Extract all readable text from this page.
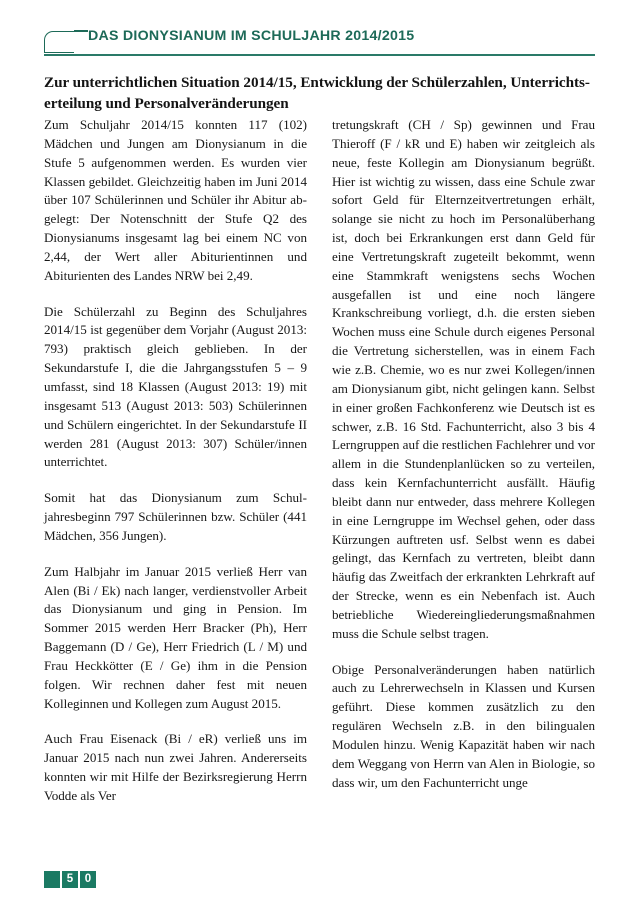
DAS DIONYSIANUM IM SCHULJAHR 2014/2015
Zur unterrichtlichen Situation 2014/15, Entwicklung der Schülerzahlen, Unterrichts- erteilung und Personalveränderungen

Zum Schuljahr 2014/15 konnten 117 (102) Mädchen und Jungen am Dionysianum in die Stufe 5 aufgenommen werden. Es wurden vier Klassen gebildet. Gleichzeitig haben im Juni 2014 über 107 Schülerinnen und Schüler ihr Abitur abgelegt: Der Notenschnitt der Stufe Q2 des Dionysianums insgesamt lag bei einem NC von 2,44, der Wert aller Abiturientinnen und Abiturienten des Landes NRW bei 2,49.

Die Schülerzahl zu Beginn des Schuljahres 2014/15 ist gegenüber dem Vorjahr (August 2013: 793) praktisch gleich geblieben. In der Sekundarstufe I, die die Jahrgangsstufen 5 – 9 umfasst, sind 18 Klassen (August 2013: 19) mit insgesamt 513 (August 2013: 503) Schülerinnen und Schülern eingerichtet. In der Sekundarstufe II werden 281 (August 2013: 307) Schüler/innen unterrichtet.

Somit hat das Dionysianum zum Schuljahresbeginn 797 Schülerinnen bzw. Schüler (441 Mädchen, 356 Jungen).

Zum Halbjahr im Januar 2015 verließ Herr van Alen (Bi / Ek) nach langer, verdienstvoller Arbeit das Dionysianum und ging in Pension. Im Sommer 2015 werden Herr Bracker (Ph), Herr Baggemann (D / Ge), Herr Friedrich (L / M) und Frau Heckkötter (E / Ge) ihm in die Pension folgen. Wir rechnen daher fest mit neuen Kolleginnen und Kollegen zum August 2015.

Auch Frau Eisenack (Bi / eR) verließ uns im Januar 2015 nach nun zwei Jahren. Andererseits konnten wir mit Hilfe der Bezirksregierung Herrn Vodde als Ver

tretungskraft (CH / Sp) gewinnen und Frau Thieroff (F / kR und E) haben wir zeitgleich als neue, feste Kollegin am Dionysianum begrüßt. Hier ist wichtig zu wissen, dass eine Schule zwar sofort Geld für Elternzeitvertretungen erhält, solange sie nicht zu hoch im Personalüberhang ist, doch bei Erkrankungen erst dann Geld für eine Vertretungskraft zugeteilt bekommt, wenn eine Stammkraft wenigstens sechs Wochen ausgefallen ist und eine noch längere Krankschreibung vorliegt, d.h. die ersten sieben Wochen muss eine Schule durch eigenes Personal die Vertretung sicherstellen, was in einem Fach wie z.B. Chemie, wo es nur zwei Kollegen/innen am Dionysianum gibt, nicht gelingen kann. Selbst in einer großen Fachkonferenz wie Deutsch ist es schwer, z.B. 16 Std. Fachunterricht, also 3 bis 4 Lerngruppen auf die restlichen Fachlehrer und vor allem in die Stundenplanlücken so zu verteilen, dass kein Kernfachunterricht ausfällt. Häufig bleibt dann nur entweder, dass mehrere Kollegen in eine Lerngruppe im Wechsel gehen, oder dass Kürzungen auftreten usf. Selbst wenn es dabei gelingt, das Kernfach zu vertreten, bleibt dann häufig das Zweitfach der erkrankten Lehrkraft auf der Strecke, wenn es ein Nebenfach ist. Auch betriebliche Wiedereingliederungsmaßnahmen muss die Schule selbst tragen.

Obige Personalveränderungen haben natürlich auch zu Lehrerwechseln in Klassen und Kursen geführt. Diese kommen zusätzlich zu den regulären Wechseln z.B. in den bilingualen Modulen hinzu. Wenig Kapazität haben wir nach dem Weggang von Herrn van Alen in Biologie, so dass wir, um den Fachunterricht unge

5	0
